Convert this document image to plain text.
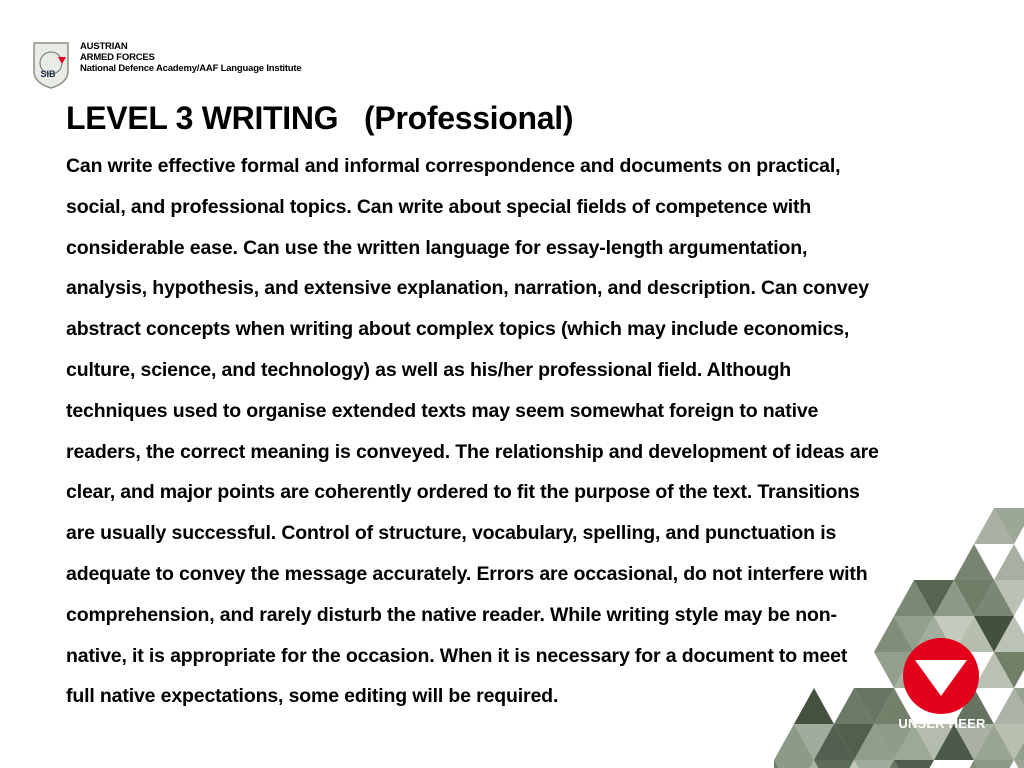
SIB
AUSTRIAN
ARMED FORCES
National Defence Academy/AAF Language Institute
LEVEL 3 WRITING   (Professional)
Can write effective formal and informal correspondence and documents on practical,
social, and professional topics. Can write about special fields of competence with
considerable ease. Can use the written language for essay-length argumentation,
analysis, hypothesis, and extensive explanation, narration, and description. Can convey
abstract concepts when writing about complex topics (which may include economics,
culture, science, and technology) as well as his/her professional field. Although
techniques used to organise extended texts may seem somewhat foreign to native
readers, the correct meaning is conveyed. The relationship and development of ideas are
clear, and major points are coherently ordered to fit the purpose of the text. Transitions
are usually successful. Control of structure, vocabulary, spelling, and punctuation is
adequate to convey the message accurately. Errors are occasional, do not interfere with
comprehension, and rarely disturb the native reader. While writing style may be non-
native, it is appropriate for the occasion. When it is necessary for a document to meet
full native expectations, some editing will be required.
UNSER HEER
